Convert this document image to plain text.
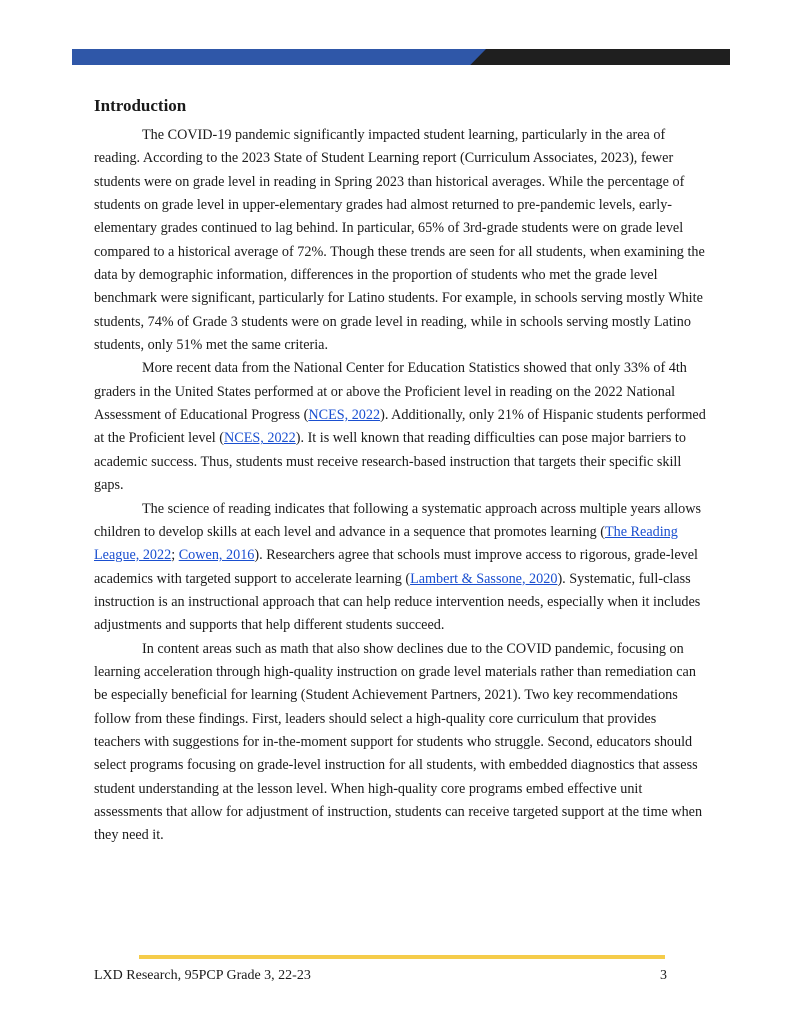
Introduction

The COVID-19 pandemic significantly impacted student learning, particularly in the area of reading. According to the 2023 State of Student Learning report (Curriculum Associates, 2023), fewer students were on grade level in reading in Spring 2023 than historical averages. While the percentage of students on grade level in upper-elementary grades had almost returned to pre-pandemic levels, early-elementary grades continued to lag behind. In particular, 65% of 3rd-grade students were on grade level compared to a historical average of 72%. Though these trends are seen for all students, when examining the data by demographic information, differences in the proportion of students who met the grade level benchmark were significant, particularly for Latino students. For example, in schools serving mostly White students, 74% of Grade 3 students were on grade level in reading, while in schools serving mostly Latino students, only 51% met the same criteria.

More recent data from the National Center for Education Statistics showed that only 33% of 4th graders in the United States performed at or above the Proficient level in reading on the 2022 National Assessment of Educational Progress (NCES, 2022). Additionally, only 21% of Hispanic students performed at the Proficient level (NCES, 2022). It is well known that reading difficulties can pose major barriers to academic success. Thus, students must receive research-based instruction that targets their specific skill gaps.

The science of reading indicates that following a systematic approach across multiple years allows children to develop skills at each level and advance in a sequence that promotes learning (The Reading League, 2022; Cowen, 2016). Researchers agree that schools must improve access to rigorous, grade-level academics with targeted support to accelerate learning (Lambert & Sassone, 2020). Systematic, full-class instruction is an instructional approach that can help reduce intervention needs, especially when it includes adjustments and supports that help different students succeed.

In content areas such as math that also show declines due to the COVID pandemic, focusing on learning acceleration through high-quality instruction on grade level materials rather than remediation can be especially beneficial for learning (Student Achievement Partners, 2021). Two key recommendations follow from these findings. First, leaders should select a high-quality core curriculum that provides teachers with suggestions for in-the-moment support for students who struggle. Second, educators should select programs focusing on grade-level instruction for all students, with embedded diagnostics that assess student understanding at the lesson level. When high-quality core programs embed effective unit assessments that allow for adjustment of instruction, students can receive targeted support at the time when they need it.

LXD Research, 95PCP Grade 3, 22-23	3
